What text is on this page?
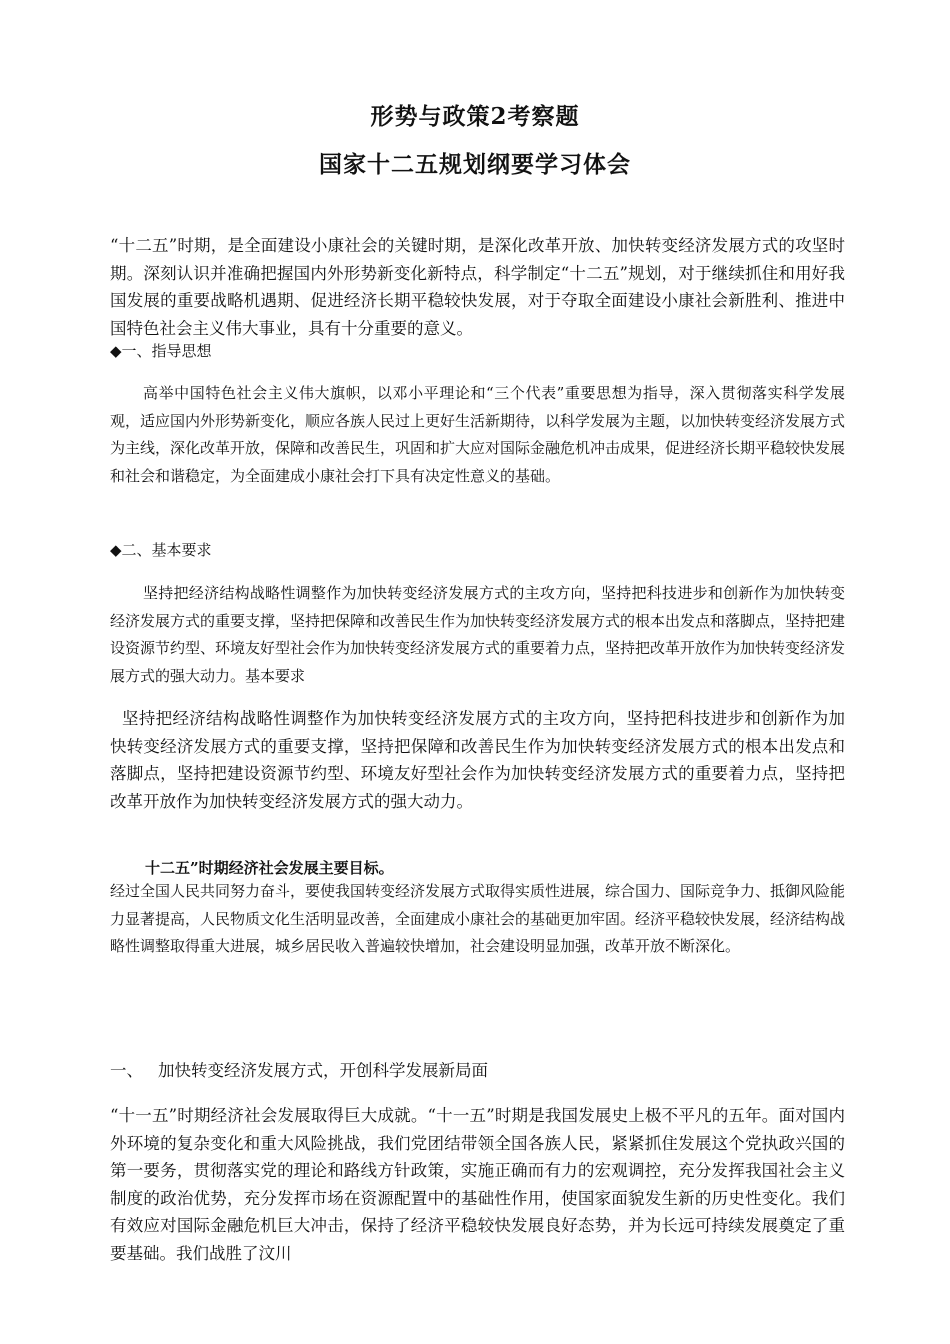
形势与政策2考察题
国家十二五规划纲要学习体会
“十二五”时期，是全面建设小康社会的关键时期，是深化改革开放、加快转变经济发展方式的攻坚时期。深刻认识并准确把握国内外形势新变化新特点，科学制定“十二五”规划，对于继续抓住和用好我国发展的重要战略机遇期、促进经济长期平稳较快发展，对于夺取全面建设小康社会新胜利、推进中国特色社会主义伟大事业，具有十分重要的意义。
◆一、指导思想
高举中国特色社会主义伟大旗帜，以邓小平理论和“三个代表”重要思想为指导，深入贯彻落实科学发展观，适应国内外形势新变化，顺应各族人民过上更好生活新期待，以科学发展为主题，以加快转变经济发展方式为主线，深化改革开放，保障和改善民生，巩固和扩大应对国际金融危机冲击成果，促进经济长期平稳较快发展和社会和谐稳定，为全面建成小康社会打下具有决定性意义的基础。
◆二、基本要求
坚持把经济结构战略性调整作为加快转变经济发展方式的主攻方向，坚持把科技进步和创新作为加快转变经济发展方式的重要支撑，坚持把保障和改善民生作为加快转变经济发展方式的根本出发点和落脚点，坚持把建设资源节约型、环境友好型社会作为加快转变经济发展方式的重要着力点，坚持把改革开放作为加快转变经济发展方式的强大动力。基本要求
坚持把经济结构战略性调整作为加快转变经济发展方式的主攻方向，坚持把科技进步和创新作为加快转变经济发展方式的重要支撑，坚持把保障和改善民生作为加快转变经济发展方式的根本出发点和落脚点，坚持把建设资源节约型、环境友好型社会作为加快转变经济发展方式的重要着力点，坚持把改革开放作为加快转变经济发展方式的强大动力。
十二五”时期经济社会发展主要目标。
经过全国人民共同努力奋斗，要使我国转变经济发展方式取得实质性进展，综合国力、国际竞争力、抵御风险能力显著提高，人民物质文化生活明显改善，全面建成小康社会的基础更加牢固。经济平稳较快发展，经济结构战略性调整取得重大进展，城乡居民收入普遍较快增加，社会建设明显加强，改革开放不断深化。
一、 加快转变经济发展方式，开创科学发展新局面
“十一五”时期经济社会发展取得巨大成就。“十一五”时期是我国发展史上极不平凡的五年。面对国内外环境的复杂变化和重大风险挑战，我们党团结带领全国各族人民，紧紧抓住发展这个党执政兴国的第一要务，贯彻落实党的理论和路线方针政策，实施正确而有力的宏观调控，充分发挥我国社会主义制度的政治优势，充分发挥市场在资源配置中的基础性作用，使国家面貌发生新的历史性变化。我们有效应对国际金融危机巨大冲击，保持了经济平稳较快发展良好态势，并为长远可持续发展奠定了重要基础。我们战胜了汶川
